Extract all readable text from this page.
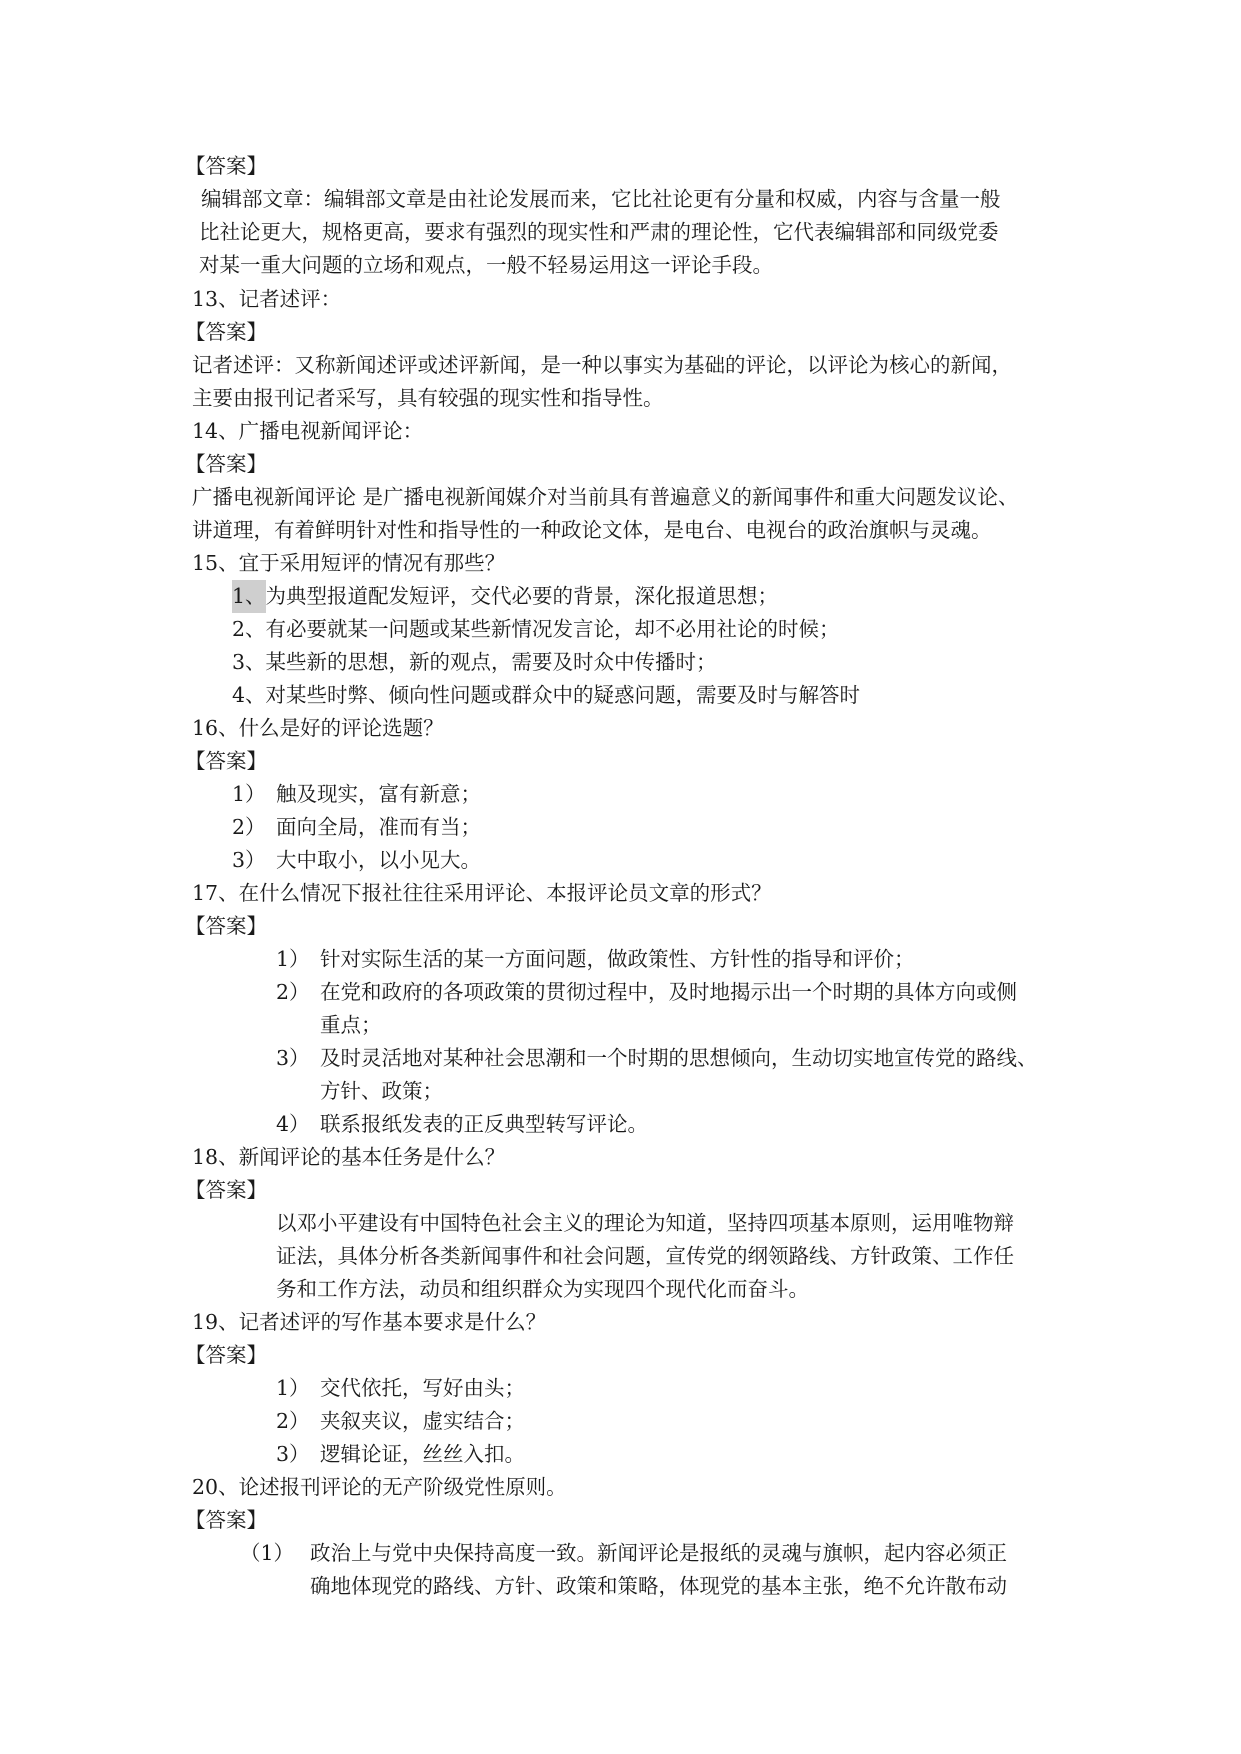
【答案】
编辑部文章：编辑部文章是由社论发展而来，它比社论更有分量和权威，内容与含量一般
比社论更大，规格更高，要求有强烈的现实性和严肃的理论性，它代表编辑部和同级党委
对某一重大问题的立场和观点，一般不轻易运用这一评论手段。
13、记者述评：
【答案】
记者述评：又称新闻述评或述评新闻，是一种以事实为基础的评论，以评论为核心的新闻，
主要由报刊记者采写，具有较强的现实性和指导性。
14、广播电视新闻评论：
【答案】
广播电视新闻评论 是广播电视新闻媒介对当前具有普遍意义的新闻事件和重大问题发议论、
讲道理，有着鲜明针对性和指导性的一种政论文体，是电台、电视台的政治旗帜与灵魂。
15、宜于采用短评的情况有那些？
1、为典型报道配发短评，交代必要的背景，深化报道思想；
2、有必要就某一问题或某些新情况发言论，却不必用社论的时候；
3、某些新的思想，新的观点，需要及时众中传播时；
4、对某些时弊、倾向性问题或群众中的疑惑问题，需要及时与解答时
16、什么是好的评论选题？
【答案】
1） 触及现实，富有新意；
2） 面向全局，准而有当；
3） 大中取小，以小见大。
17、在什么情况下报社往往采用评论、本报评论员文章的形式？
【答案】
1） 针对实际生活的某一方面问题，做政策性、方针性的指导和评价；
2） 在党和政府的各项政策的贯彻过程中，及时地揭示出一个时期的具体方向或侧
重点；
3） 及时灵活地对某种社会思潮和一个时期的思想倾向，生动切实地宣传党的路线、
方针、政策；
4） 联系报纸发表的正反典型转写评论。
18、新闻评论的基本任务是什么？
【答案】
以邓小平建设有中国特色社会主义的理论为知道，坚持四项基本原则，运用唯物辩
证法，具体分析各类新闻事件和社会问题，宣传党的纲领路线、方针政策、工作任
务和工作方法，动员和组织群众为实现四个现代化而奋斗。
19、记者述评的写作基本要求是什么？
【答案】
1） 交代依托，写好由头；
2） 夹叙夹议，虚实结合；
3） 逻辑论证，丝丝入扣。
20、论述报刊评论的无产阶级党性原则。
【答案】
（1） 政治上与党中央保持高度一致。新闻评论是报纸的灵魂与旗帜，起内容必须正
确地体现党的路线、方针、政策和策略，体现党的基本主张，绝不允许散布动
